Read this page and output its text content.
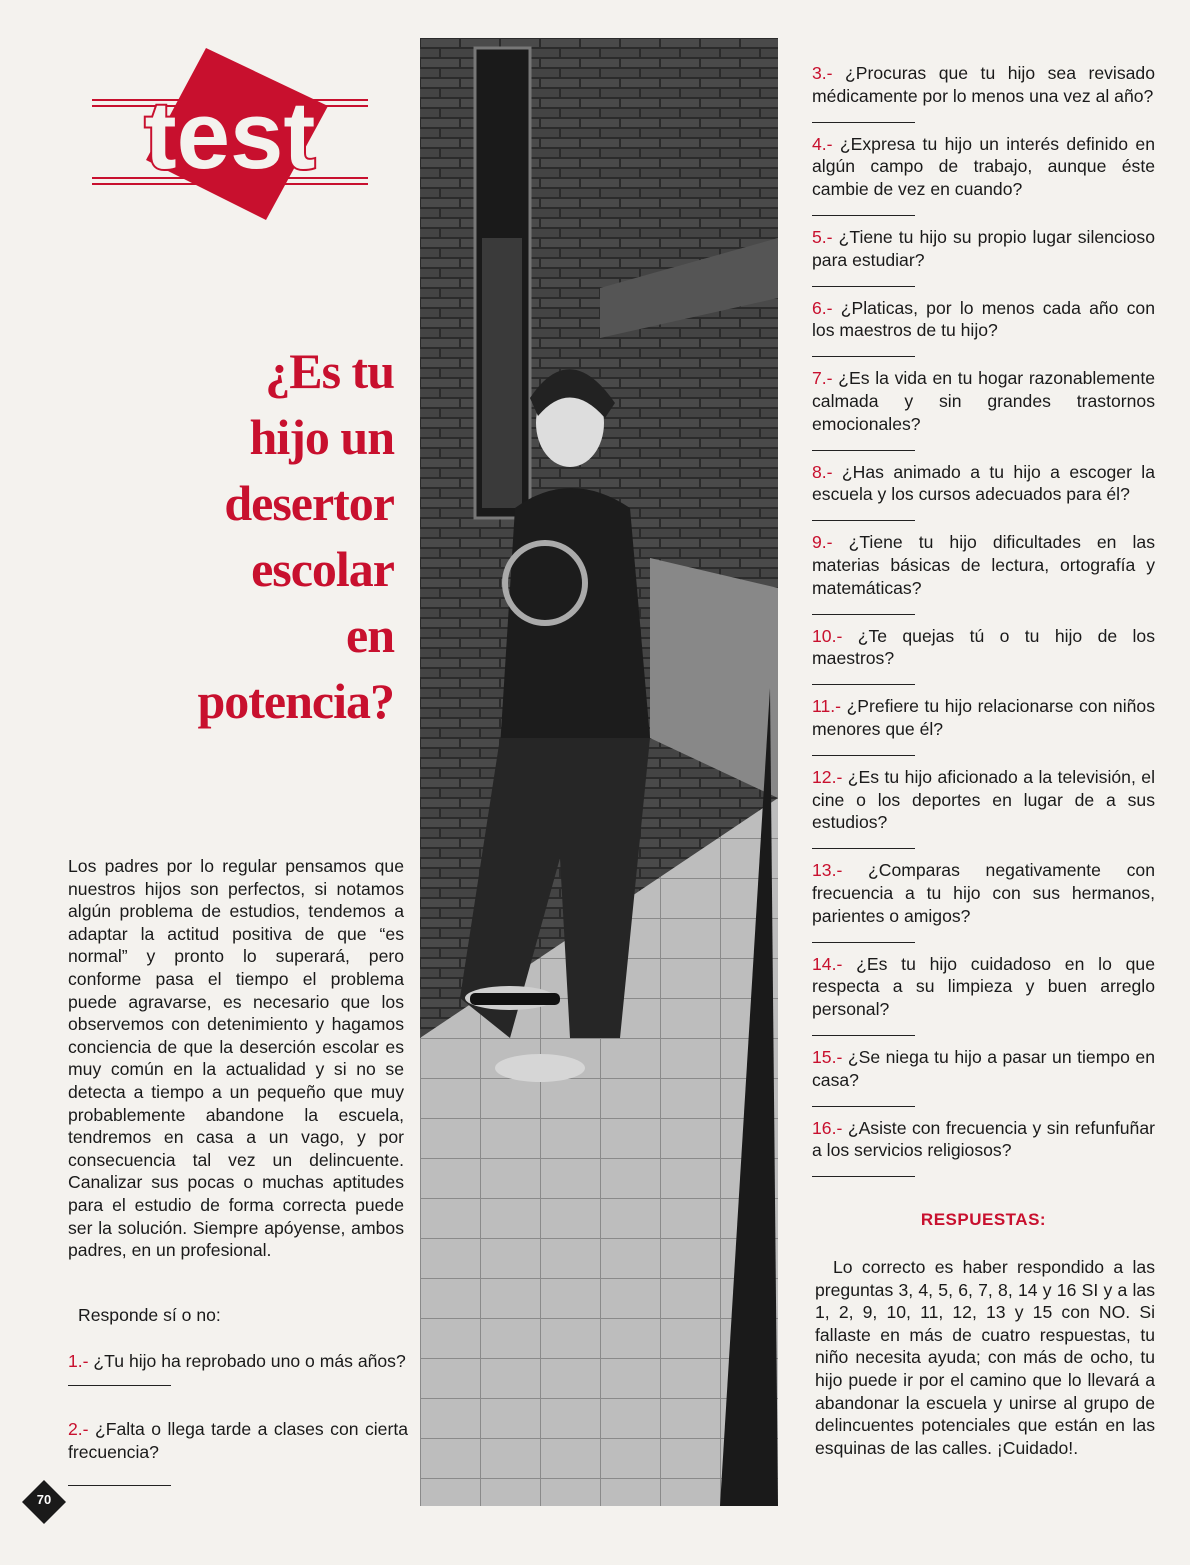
test
¿Es tu
hijo un
desertor
escolar
en
potencia?
Los padres por lo regular pensamos que nuestros hijos son perfectos, si notamos algún problema de estudios, tendemos a adaptar la actitud positiva de que “es normal” y pronto lo superará, pero conforme pasa el tiempo el problema puede agravarse, es necesario que los observemos con detenimiento y hagamos conciencia de que la deserción escolar es muy común en la actualidad y si no se detecta a tiempo a un pequeño que muy probablemente abandone la escuela, tendremos en casa a un vago, y por consecuencia tal vez un delincuente. Canalizar sus pocas o muchas aptitudes para el estudio de forma correcta puede ser la solución. Siempre apóyense, ambos padres, en un profesional.
Responde sí o no:
1.- ¿Tu hijo ha reprobado uno o más años?
2.- ¿Falta o llega tarde a clases con cierta frecuencia?
3.- ¿Procuras que tu hijo sea revisado médicamente por lo menos una vez al año?
4.- ¿Expresa tu hijo un interés definido en algún campo de trabajo, aunque éste cambie de vez en cuando?
5.- ¿Tiene tu hijo su propio lugar silencioso para estudiar?
6.- ¿Platicas, por lo menos cada año con los maestros de tu hijo?
7.- ¿Es la vida en tu hogar razonablemente calmada y sin grandes trastornos emocionales?
8.- ¿Has animado a tu hijo a escoger la escuela y los cursos adecuados para él?
9.- ¿Tiene tu hijo dificultades en las materias básicas de lectura, ortografía y matemáticas?
10.- ¿Te quejas tú o tu hijo de los maestros?
11.- ¿Prefiere tu hijo relacionarse con niños menores que él?
12.- ¿Es tu hijo aficionado a la televisión, el cine o los deportes en lugar de a sus estudios?
13.- ¿Comparas negativamente con frecuencia a tu hijo con sus hermanos, parientes o amigos?
14.- ¿Es tu hijo cuidadoso en lo que respecta a su limpieza y buen arreglo personal?
15.- ¿Se niega tu hijo a pasar un tiempo en casa?
16.- ¿Asiste con frecuencia y sin refunfuñar a los servicios religiosos?
RESPUESTAS:
Lo correcto es haber respondido a las preguntas 3, 4, 5, 6, 7, 8, 14 y 16 SI y a las 1, 2, 9, 10, 11, 12, 13 y 15 con NO. Si fallaste en más de cuatro respuestas, tu niño necesita ayuda; con más de ocho, tu hijo puede ir por el camino que lo llevará a abandonar la escuela y unirse al grupo de delincuentes potenciales que están en las esquinas de las calles. ¡Cuidado!.
70
